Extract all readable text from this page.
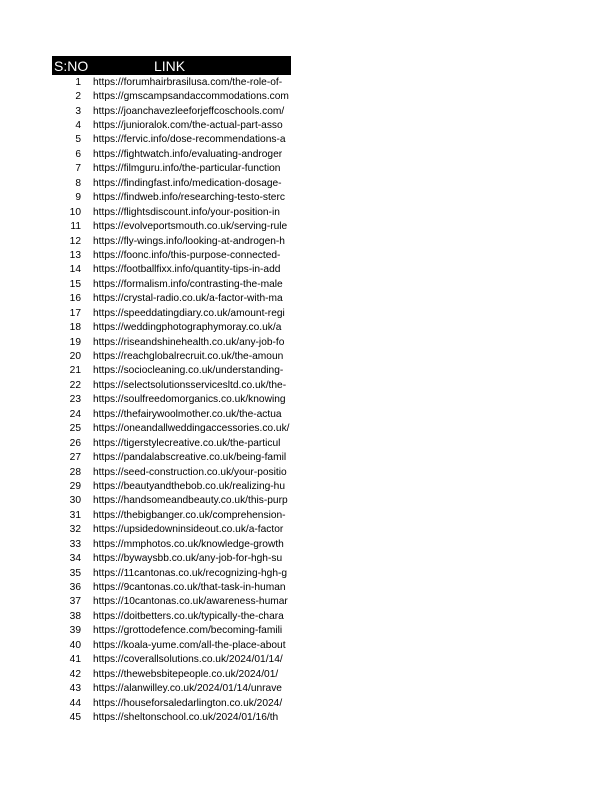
S:NO	LINK
1	https://forumhairbrasilusa.com/the-role-of-
2	https://gmscampsandaccommodations.com
3	https://joanchavezleeforjeffcoschools.com/
4	https://junioralok.com/the-actual-part-asso
5	https://fervic.info/dose-recommendations-a
6	https://fightwatch.info/evaluating-androger
7	https://filmguru.info/the-particular-function
8	https://findingfast.info/medication-dosage-
9	https://findweb.info/researching-testo-sterc
10	https://flightsdiscount.info/your-position-in
11	https://evolveportsmouth.co.uk/serving-rule
12	https://fly-wings.info/looking-at-androgen-h
13	https://foonc.info/this-purpose-connected-
14	https://footballfixx.info/quantity-tips-in-add
15	https://formalism.info/contrasting-the-male
16	https://crystal-radio.co.uk/a-factor-with-ma
17	https://speeddatingdiary.co.uk/amount-regi
18	https://weddingphotographymoray.co.uk/a
19	https://riseandshinehealth.co.uk/any-job-fo
20	https://reachglobalrecruit.co.uk/the-amoun
21	https://sociocleaning.co.uk/understanding-
22	https://selectsolutionsservicesltd.co.uk/the-
23	https://soulfreedomorganics.co.uk/knowing
24	https://thefairywoolmother.co.uk/the-actua
25	https://oneandallweddingaccessories.co.uk/
26	https://tigerstylecreative.co.uk/the-particul
27	https://pandalabscreative.co.uk/being-famil
28	https://seed-construction.co.uk/your-positio
29	https://beautyandthebob.co.uk/realizing-hu
30	https://handsomeandbeauty.co.uk/this-purp
31	https://thebigbanger.co.uk/comprehension-
32	https://upsidedowninsideout.co.uk/a-factor
33	https://mmphotos.co.uk/knowledge-growth
34	https://bywaysbb.co.uk/any-job-for-hgh-su
35	https://11cantonas.co.uk/recognizing-hgh-g
36	https://9cantonas.co.uk/that-task-in-human
37	https://10cantonas.co.uk/awareness-humar
38	https://doitbetters.co.uk/typically-the-chara
39	https://grottodefence.com/becoming-famili
40	https://koala-yume.com/all-the-place-about
41	https://coverallsolutions.co.uk/2024/01/14/
42	https://thewebsbitepeople.co.uk/2024/01/
43	https://alanwilley.co.uk/2024/01/14/unrave
44	https://houseforsaledarlington.co.uk/2024/
45	https://sheltonschool.co.uk/2024/01/16/th
